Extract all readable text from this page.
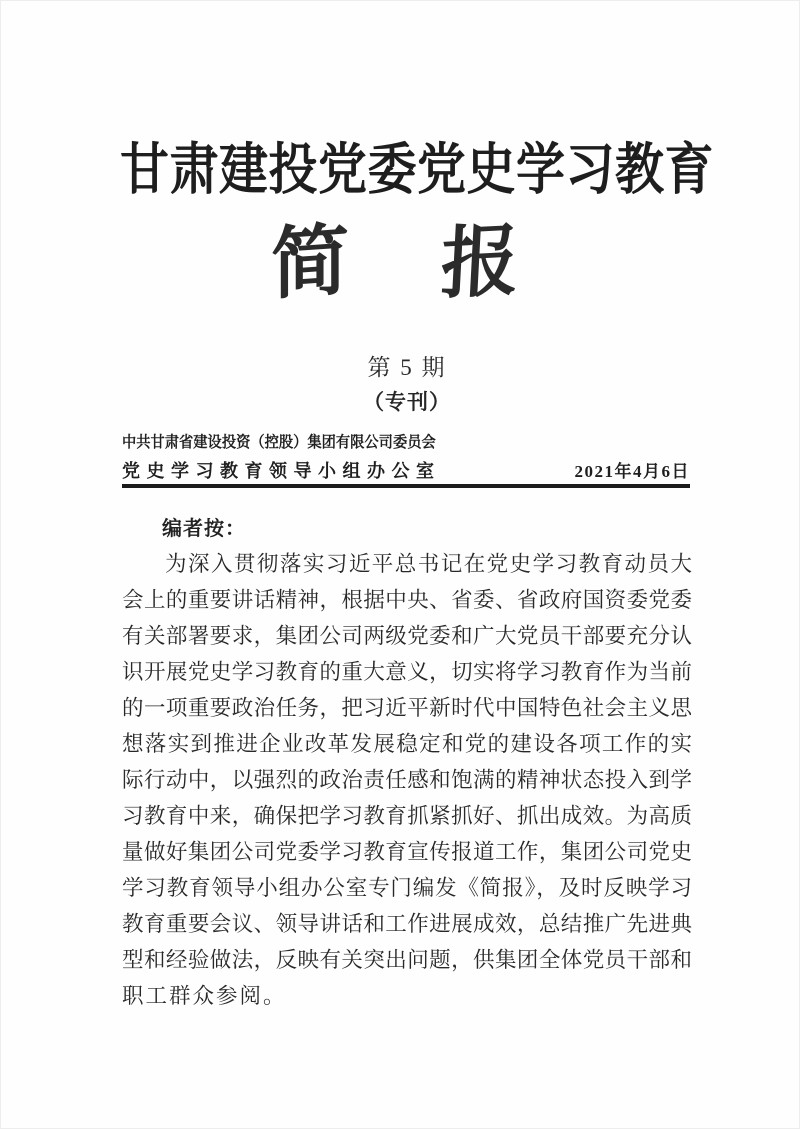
甘肃建投党委党史学习教育
简 报
第 5 期
（专刊）
中共甘肃省建设投资（控股）集团有限公司委员会
党史学习教育领导小组办公室	2021年4月6日
编者按：
为深入贯彻落实习近平总书记在党史学习教育动员大
会上的重要讲话精神，根据中央、省委、省政府国资委党委
有关部署要求，集团公司两级党委和广大党员干部要充分认
识开展党史学习教育的重大意义，切实将学习教育作为当前
的一项重要政治任务，把习近平新时代中国特色社会主义思
想落实到推进企业改革发展稳定和党的建设各项工作的实
际行动中，以强烈的政治责任感和饱满的精神状态投入到学
习教育中来，确保把学习教育抓紧抓好、抓出成效。为高质
量做好集团公司党委学习教育宣传报道工作，集团公司党史
学习教育领导小组办公室专门编发《简报》，及时反映学习
教育重要会议、领导讲话和工作进展成效，总结推广先进典
型和经验做法，反映有关突出问题，供集团全体党员干部和
职工群众参阅。
